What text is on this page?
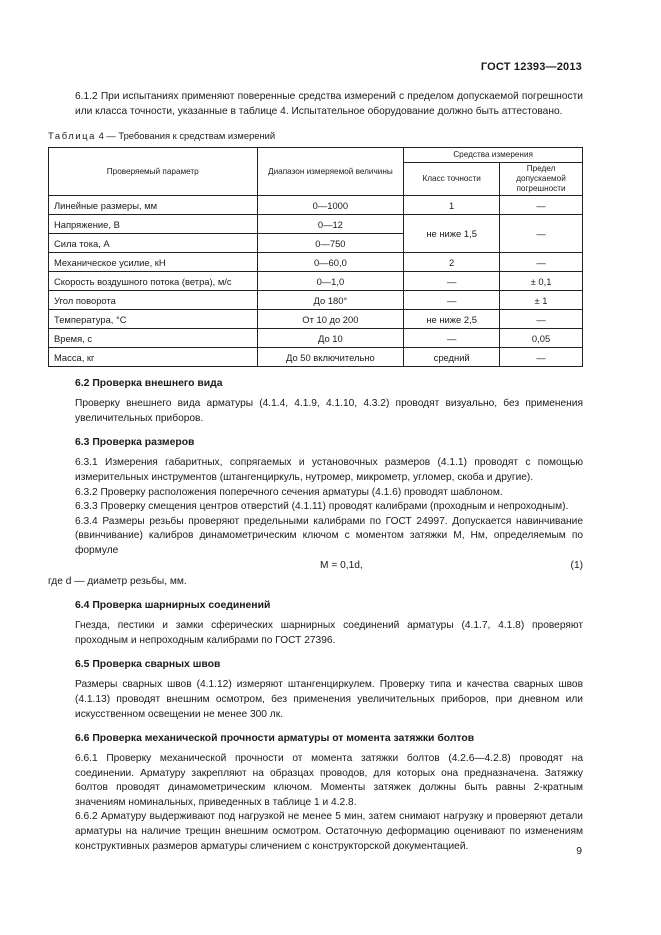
ГОСТ 12393—2013

6.1.2 При испытаниях применяют поверенные средства измерений с пределом допускаемой погрешности или класса точности, указанные в таблице 4. Испытательное оборудование должно быть аттестовано.

Таблица 4 — Требования к средствам измерений
Проверяемый параметр	Диапазон измеряемой величины	Средства измерения	
		Класс точности	Предел допускаемой погрешности
Линейные размеры, мм	0—1000	1	—
Напряжение, В	0—12	не ниже 1,5	—
Сила тока, А	0—750		
Механическое усилие, кН	0—60,0	2	—
Скорость воздушного потока (ветра), м/с	0—1,0	—	± 0,1
Угол поворота	До 180°	—	± 1
Температура, °С	От 10 до 200	не ниже 2,5	—
Время, с	До 10	—	0,05
Масса, кг	До 50 включительно	средний	—
6.2 Проверка внешнего вида

Проверку внешнего вида арматуры (4.1.4, 4.1.9, 4.1.10, 4.3.2) проводят визуально, без применения увеличительных приборов.

6.3 Проверка размеров

6.3.1 Измерения габаритных, сопрягаемых и установочных размеров (4.1.1) проводят с помощью измерительных инструментов (штангенциркуль, нутромер, микрометр, угломер, скоба и другие).

6.3.2 Проверку расположения поперечного сечения арматуры (4.1.6) проводят шаблоном.

6.3.3 Проверку смещения центров отверстий (4.1.11) проводят калибрами (проходным и непроходным).

6.3.4 Размеры резьбы проверяют предельными калибрами по ГОСТ 24997. Допускается навинчивание (ввинчивание) калибров динамометрическим ключом с моментом затяжки М, Нм, определяемым по формуле

М = 0,1d,	(1)

где d — диаметр резьбы, мм.

6.4 Проверка шарнирных соединений

Гнезда, пестики и замки сферических шарнирных соединений арматуры (4.1.7, 4.1.8) проверяют проходным и непроходным калибрами по ГОСТ 27396.

6.5 Проверка сварных швов

Размеры сварных швов (4.1.12) измеряют штангенциркулем. Проверку типа и качества сварных швов (4.1.13) проводят внешним осмотром, без применения увеличительных приборов, при дневном или искусственном освещении не менее 300 лк.

6.6 Проверка механической прочности арматуры от момента затяжки болтов

6.6.1 Проверку механической прочности от момента затяжки болтов (4.2.6—4.2.8) проводят на соединении. Арматуру закрепляют на образцах проводов, для которых она предназначена. Затяжку болтов проводят динамометрическим ключом. Моменты затяжек должны быть равны 2-кратным значениям номинальных, приведенных в таблице 1 и 4.2.8.

6.6.2 Арматуру выдерживают под нагрузкой не менее 5 мин, затем снимают нагрузку и проверяют детали арматуры на наличие трещин внешним осмотром. Остаточную деформацию оценивают по изменениям конструктивных размеров арматуры сличением с конструкторской документацией.	9
